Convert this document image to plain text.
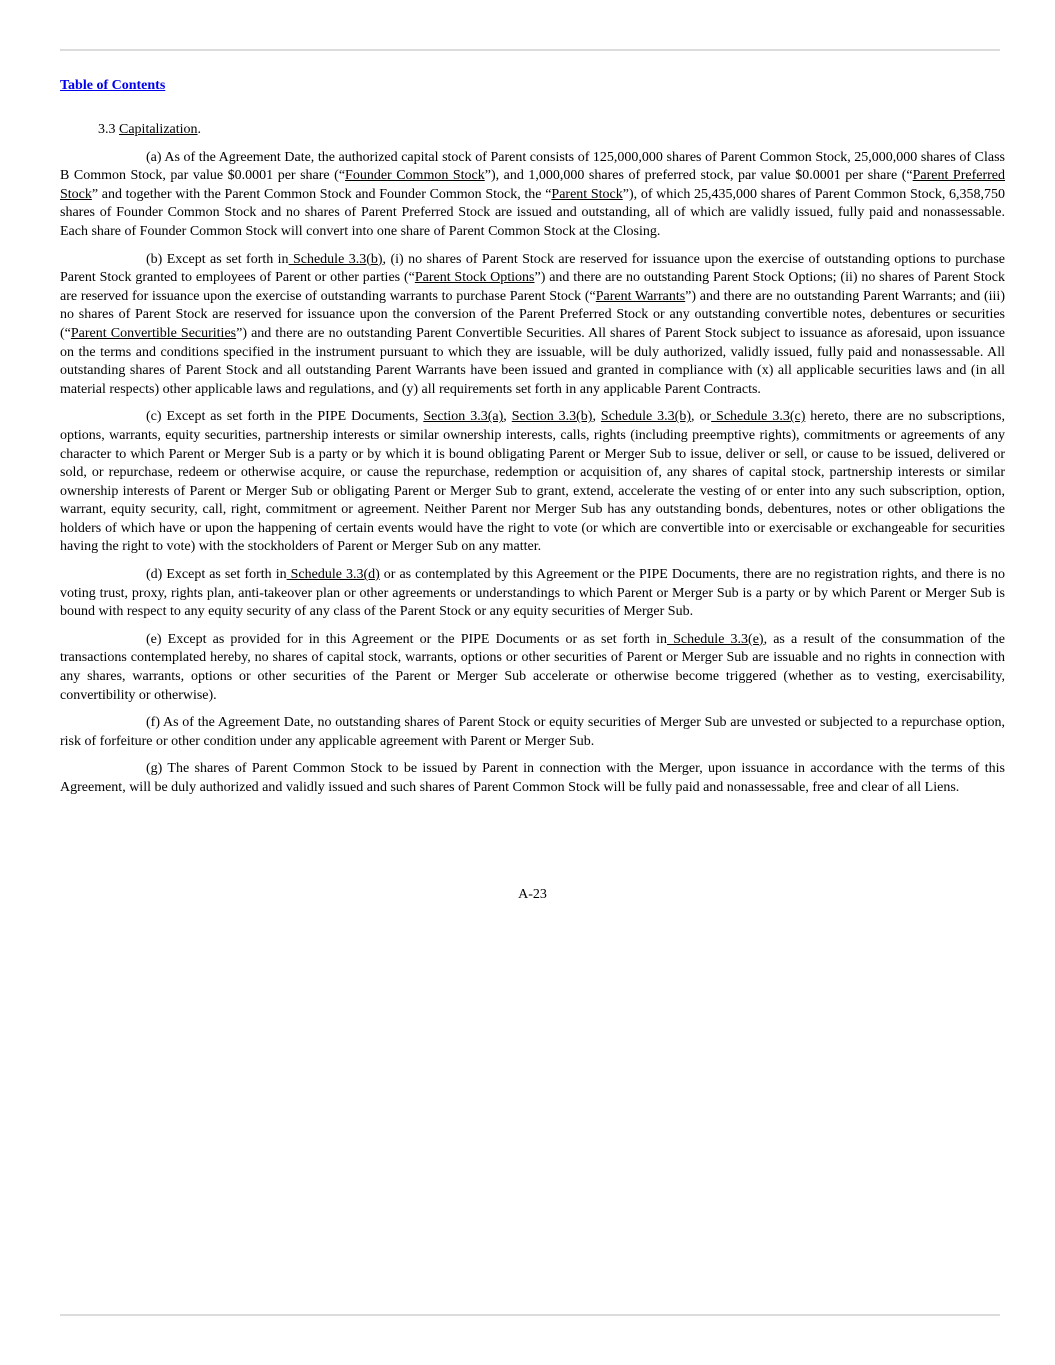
Table of Contents

3.3 Capitalization.

(a) As of the Agreement Date, the authorized capital stock of Parent consists of 125,000,000 shares of Parent Common Stock, 25,000,000 shares of Class B Common Stock, par value $0.0001 per share (“Founder Common Stock”), and 1,000,000 shares of preferred stock, par value $0.0001 per share (“Parent Preferred Stock” and together with the Parent Common Stock and Founder Common Stock, the “Parent Stock”), of which 25,435,000 shares of Parent Common Stock, 6,358,750 shares of Founder Common Stock and no shares of Parent Preferred Stock are issued and outstanding, all of which are validly issued, fully paid and nonassessable. Each share of Founder Common Stock will convert into one share of Parent Common Stock at the Closing.

(b) Except as set forth in Schedule 3.3(b), (i) no shares of Parent Stock are reserved for issuance upon the exercise of outstanding options to purchase Parent Stock granted to employees of Parent or other parties (“Parent Stock Options”) and there are no outstanding Parent Stock Options; (ii) no shares of Parent Stock are reserved for issuance upon the exercise of outstanding warrants to purchase Parent Stock (“Parent Warrants”) and there are no outstanding Parent Warrants; and (iii) no shares of Parent Stock are reserved for issuance upon the conversion of the Parent Preferred Stock or any outstanding convertible notes, debentures or securities (“Parent Convertible Securities”) and there are no outstanding Parent Convertible Securities. All shares of Parent Stock subject to issuance as aforesaid, upon issuance on the terms and conditions specified in the instrument pursuant to which they are issuable, will be duly authorized, validly issued, fully paid and nonassessable. All outstanding shares of Parent Stock and all outstanding Parent Warrants have been issued and granted in compliance with (x) all applicable securities laws and (in all material respects) other applicable laws and regulations, and (y) all requirements set forth in any applicable Parent Contracts.

(c) Except as set forth in the PIPE Documents, Section 3.3(a), Section 3.3(b), Schedule 3.3(b), or Schedule 3.3(c) hereto, there are no subscriptions, options, warrants, equity securities, partnership interests or similar ownership interests, calls, rights (including preemptive rights), commitments or agreements of any character to which Parent or Merger Sub is a party or by which it is bound obligating Parent or Merger Sub to issue, deliver or sell, or cause to be issued, delivered or sold, or repurchase, redeem or otherwise acquire, or cause the repurchase, redemption or acquisition of, any shares of capital stock, partnership interests or similar ownership interests of Parent or Merger Sub or obligating Parent or Merger Sub to grant, extend, accelerate the vesting of or enter into any such subscription, option, warrant, equity security, call, right, commitment or agreement. Neither Parent nor Merger Sub has any outstanding bonds, debentures, notes or other obligations the holders of which have or upon the happening of certain events would have the right to vote (or which are convertible into or exercisable or exchangeable for securities having the right to vote) with the stockholders of Parent or Merger Sub on any matter.

(d) Except as set forth in Schedule 3.3(d) or as contemplated by this Agreement or the PIPE Documents, there are no registration rights, and there is no voting trust, proxy, rights plan, anti-takeover plan or other agreements or understandings to which Parent or Merger Sub is a party or by which Parent or Merger Sub is bound with respect to any equity security of any class of the Parent Stock or any equity securities of Merger Sub.

(e) Except as provided for in this Agreement or the PIPE Documents or as set forth in Schedule 3.3(e), as a result of the consummation of the transactions contemplated hereby, no shares of capital stock, warrants, options or other securities of Parent or Merger Sub are issuable and no rights in connection with any shares, warrants, options or other securities of the Parent or Merger Sub accelerate or otherwise become triggered (whether as to vesting, exercisability, convertibility or otherwise).

(f) As of the Agreement Date, no outstanding shares of Parent Stock or equity securities of Merger Sub are unvested or subjected to a repurchase option, risk of forfeiture or other condition under any applicable agreement with Parent or Merger Sub.

(g) The shares of Parent Common Stock to be issued by Parent in connection with the Merger, upon issuance in accordance with the terms of this Agreement, will be duly authorized and validly issued and such shares of Parent Common Stock will be fully paid and nonassessable, free and clear of all Liens.

A-23
